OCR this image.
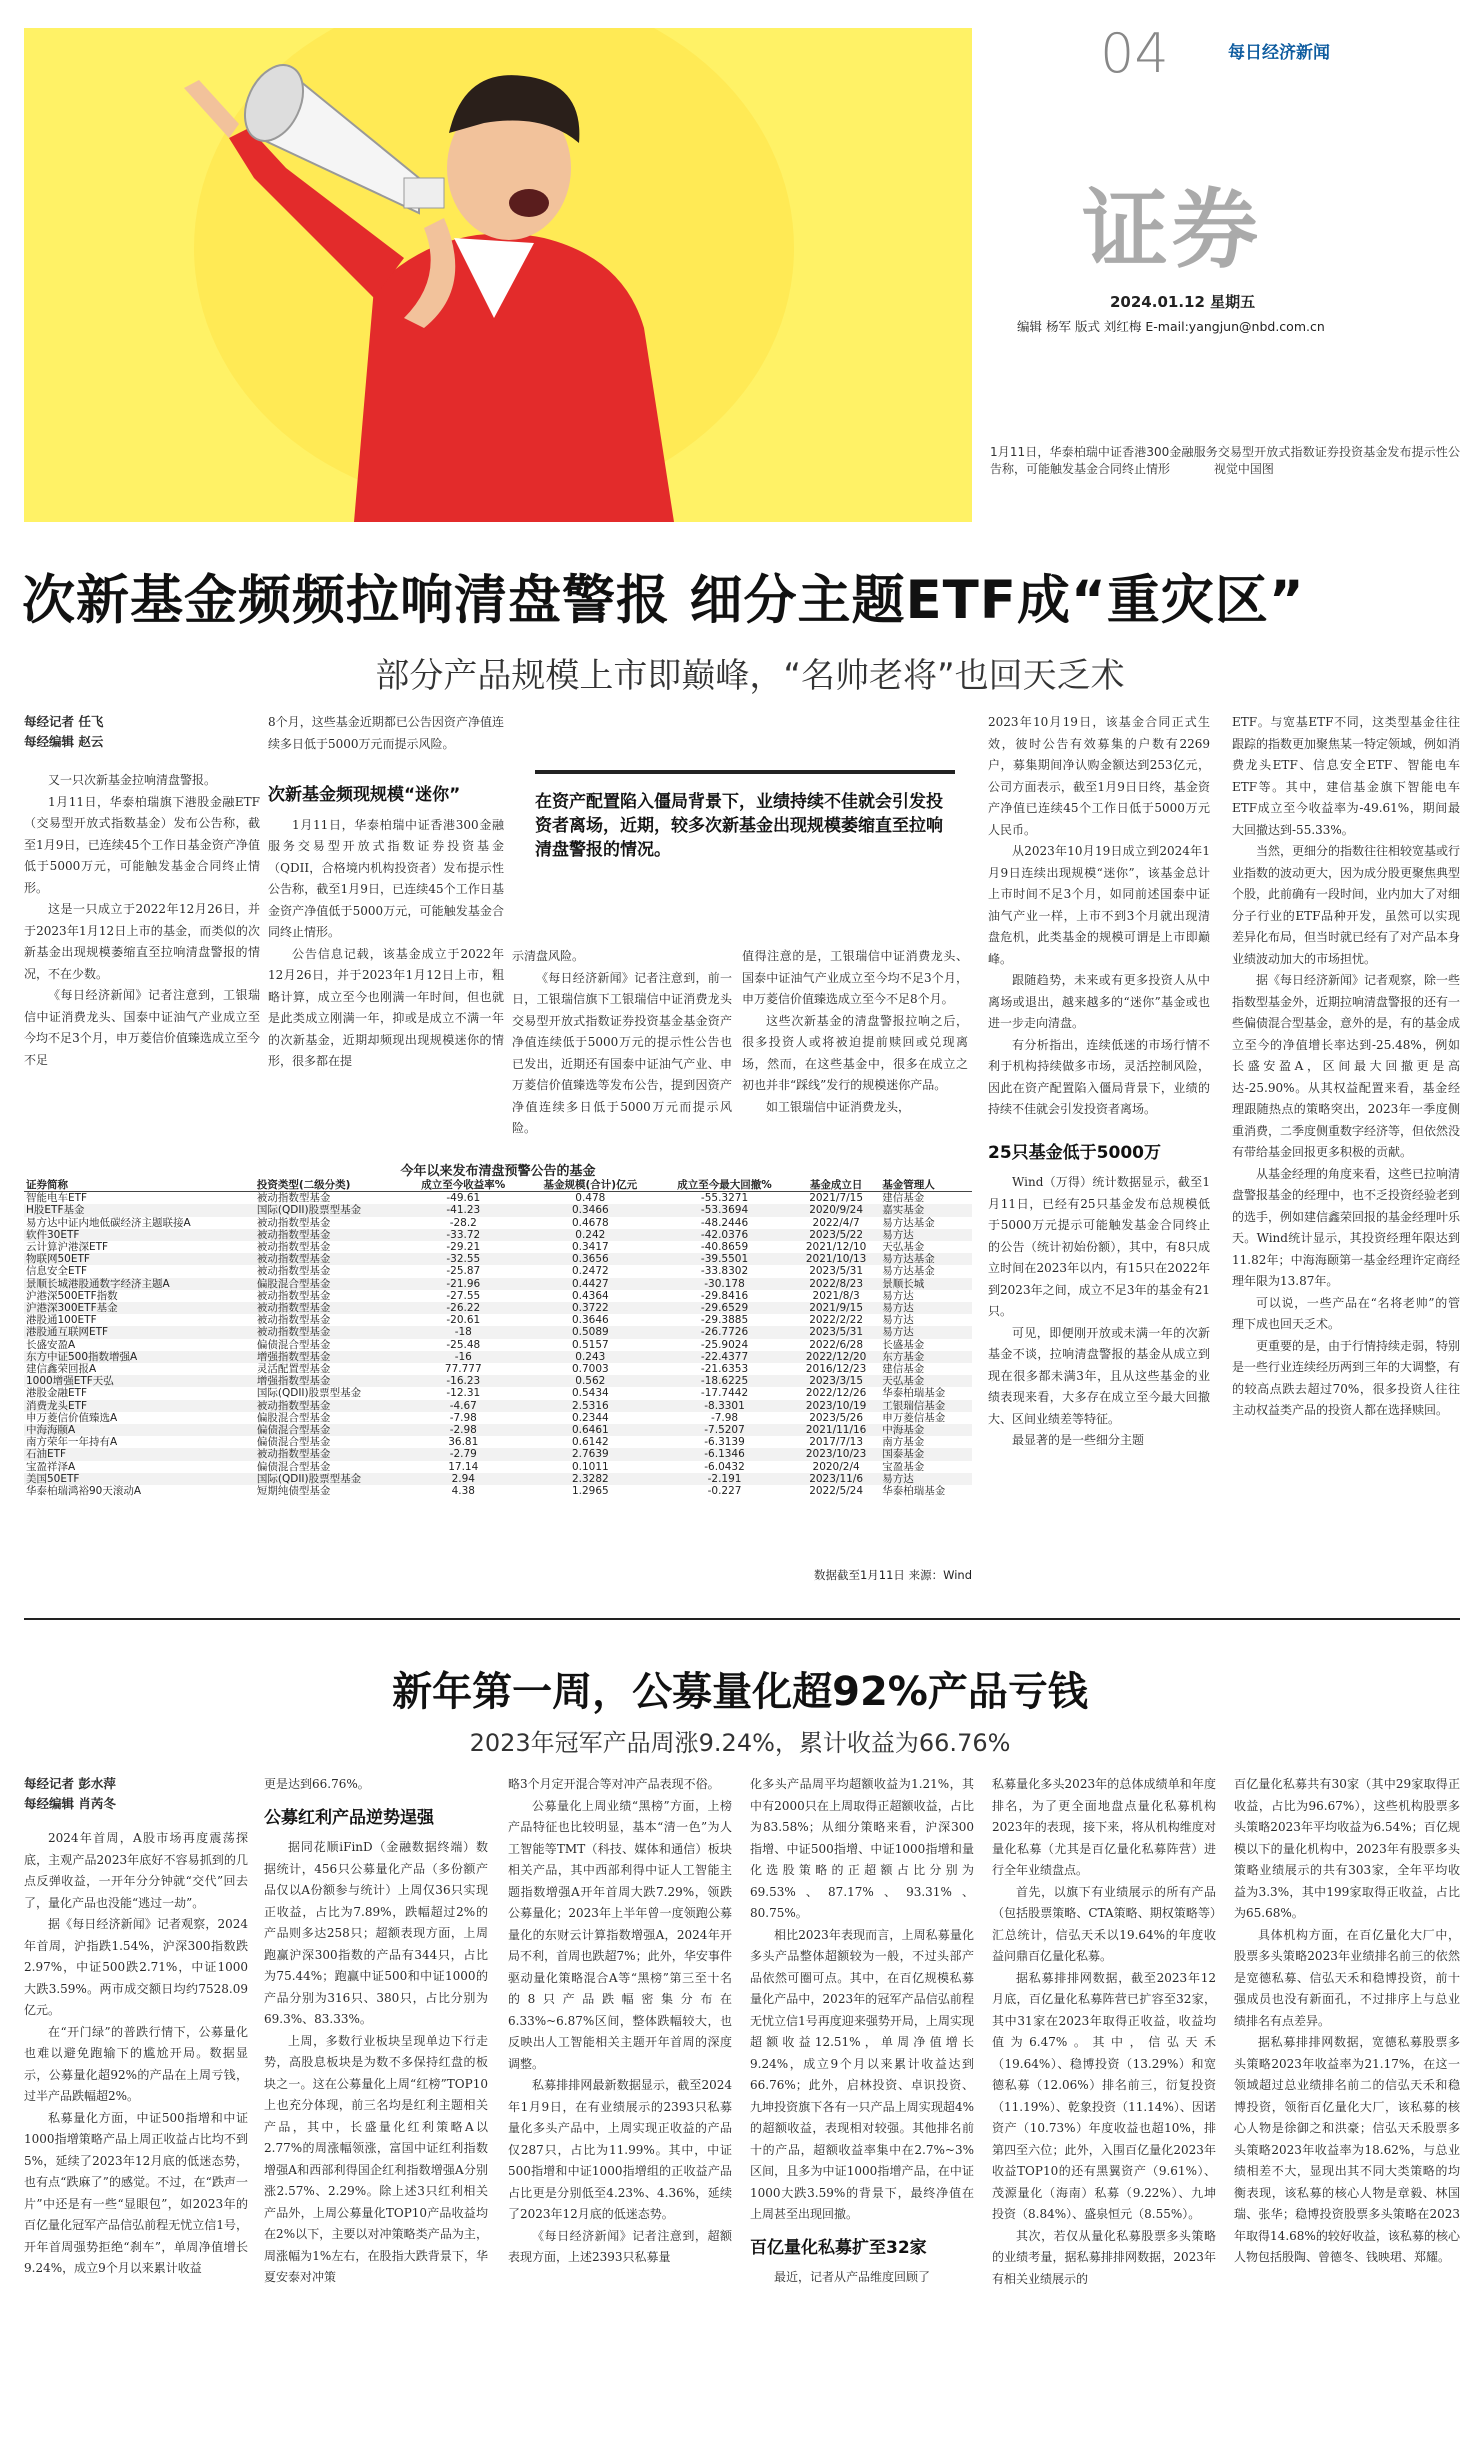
04	每日经济新闻
证券
2024.01.12 星期五
编辑 杨军 版式 刘红梅 E-mail:yangjun@nbd.com.cn
1月11日，华泰柏瑞中证香港300金融服务交易型开放式指数证券投资基金发布提示性公告称，可能触发基金合同终止情形	视觉中国图
次新基金频频拉响清盘警报 细分主题ETF成“重灾区”
部分产品规模上市即巅峰，“名帅老将”也回天乏术
每经记者 任飞
每经编辑 赵云

又一只次新基金拉响清盘警报。

1月11日，华泰柏瑞旗下港股金融ETF（交易型开放式指数基金）发布公告称，截至1月9日，已连续45个工作日基金资产净值低于5000万元，可能触发基金合同终止情形。

这是一只成立于2022年12月26日，并于2023年1月12日上市的基金，而类似的次新基金出现规模萎缩直至拉响清盘警报的情况，不在少数。

《每日经济新闻》记者注意到，工银瑞信中证消费龙头、国泰中证油气产业成立至今均不足3个月，申万菱信价值臻选成立至今不足

8个月，这些基金近期都已公告因资产净值连续多日低于5000万元而提示风险。

次新基金频现规模“迷你”

1月11日，华泰柏瑞中证香港300金融服务交易型开放式指数证券投资基金（QDII，合格境内机构投资者）发布提示性公告称，截至1月9日，已连续45个工作日基金资产净值低于5000万元，可能触发基金合同终止情形。

公告信息记载，该基金成立于2022年12月26日，并于2023年1月12日上市，粗略计算，成立至今也刚满一年时间，但也就是此类成立刚满一年，抑或是成立不满一年的次新基金，近期却频现出现规模迷你的情形，很多都在提

在资产配置陷入僵局背景下，业绩持续不佳就会引发投资者离场，近期，较多次新基金出现规模萎缩直至拉响清盘警报的情况。

示清盘风险。

《每日经济新闻》记者注意到，前一日，工银瑞信旗下工银瑞信中证消费龙头交易型开放式指数证券投资基金基金资产净值连续低于5000万元的提示性公告也已发出，近期还有国泰中证油气产业、申万菱信价值臻选等发布公告，提到因资产净值连续多日低于5000万元而提示风险。

值得注意的是，工银瑞信中证消费龙头、国泰中证油气产业成立至今均不足3个月，申万菱信价值臻选成立至今不足8个月。

这些次新基金的清盘警报拉响之后，很多投资人或将被迫提前赎回或兑现离场，然而，在这些基金中，很多在成立之初也并非“踩线”发行的规模迷你产品。

如工银瑞信中证消费龙头，

2023年10月19日，该基金合同正式生效，彼时公告有效募集的户数有2269户，募集期间净认购金额达到253亿元，公司方面表示，截至1月9日日终，基金资产净值已连续45个工作日低于5000万元人民币。

从2023年10月19日成立到2024年1月9日连续出现规模“迷你”，该基金总计上市时间不足3个月，如同前述国泰中证油气产业一样，上市不到3个月就出现清盘危机，此类基金的规模可谓是上市即巅峰。

跟随趋势，未来或有更多投资人从中离场或退出，越来越多的“迷你”基金或也进一步走向清盘。

有分析指出，连续低迷的市场行情不利于机构持续做多市场，灵活控制风险，因此在资产配置陷入僵局背景下，业绩的持续不佳就会引发投资者离场。

25只基金低于5000万

Wind（万得）统计数据显示，截至1月11日，已经有25只基金发布总规模低于5000万元提示可能触发基金合同终止的公告（统计初始份额），其中，有8只成立时间在2023年以内，有15只在2022年到2023年之间，成立不足3年的基金有21只。

可见，即便刚开放或未满一年的次新基金不谈，拉响清盘警报的基金从成立到现在很多都未满3年，且从这些基金的业绩表现来看，大多存在成立至今最大回撤大、区间业绩差等特征。

最显著的是一些细分主题

ETF。与宽基ETF不同，这类型基金往往跟踪的指数更加聚焦某一特定领域，例如消费龙头ETF、信息安全ETF、智能电车ETF等。其中，建信基金旗下智能电车ETF成立至今收益率为-49.61%，期间最大回撤达到-55.33%。

当然，更细分的指数往往相较宽基或行业指数的波动更大，因为成分股更聚焦典型个股，此前确有一段时间，业内加大了对细分子行业的ETF品种开发，虽然可以实现差异化布局，但当时就已经有了对产品本身业绩波动加大的市场担忧。

据《每日经济新闻》记者观察，除一些指数型基金外，近期拉响清盘警报的还有一些偏债混合型基金，意外的是，有的基金成立至今的净值增长率达到-25.48%，例如长盛安盈A，区间最大回撤更是高达-25.90%。从其权益配置来看，基金经理跟随热点的策略突出，2023年一季度侧重消费，二季度侧重数字经济等，但依然没有带给基金回报更多积极的贡献。

从基金经理的角度来看，这些已拉响清盘警报基金的经理中，也不乏投资经验老到的选手，例如建信鑫荣回报的基金经理叶乐天。Wind统计显示，其投资经理年限达到11.82年；中海海颐第一基金经理许定商经理年限为13.87年。

可以说，一些产品在“名将老帅”的管理下成也回天乏术。

更重要的是，由于行情持续走弱，特别是一些行业连续经历两到三年的大调整，有的较高点跌去超过70%，很多投资人往往主动权益类产品的投资人都在选择赎回。

今年以来发布清盘预警公告的基金
证券简称	投资类型(二级分类)	成立至今收益率%	基金规模(合计)亿元	成立至今最大回撤%	基金成立日	基金管理人
智能电车ETF	被动指数型基金	-49.61	0.478	-55.3271	2021/7/15	建信基金
H股ETF基金	国际(QDII)股票型基金	-41.23	0.3466	-53.3694	2020/9/24	嘉实基金
易方达中证内地低碳经济主题联接A	被动指数型基金	-28.2	0.4678	-48.2446	2022/4/7	易方达基金
软件30ETF	被动指数型基金	-33.72	0.242	-42.0376	2023/5/22	易方达
云计算沪港深ETF	被动指数型基金	-29.21	0.3417	-40.8659	2021/12/10	天弘基金
物联网50ETF	被动指数型基金	-32.55	0.3656	-39.5501	2021/10/13	易方达基金
信息安全ETF	被动指数型基金	-25.87	0.2472	-33.8302	2023/5/31	易方达基金
景顺长城港股通数字经济主题A	偏股混合型基金	-21.96	0.4427	-30.178	2022/8/23	景顺长城
沪港深500ETF指数	被动指数型基金	-27.55	0.4364	-29.8416	2021/8/3	易方达
沪港深300ETF基金	被动指数型基金	-26.22	0.3722	-29.6529	2021/9/15	易方达
港股通100ETF	被动指数型基金	-20.61	0.3646	-29.3885	2022/2/22	易方达
港股通互联网ETF	被动指数型基金	-18	0.5089	-26.7726	2023/5/31	易方达
长盛安盈A	偏债混合型基金	-25.48	0.5157	-25.9024	2022/6/28	长盛基金
东方中证500指数增强A	增强指数型基金	-16	0.243	-22.4377	2022/12/20	东方基金
建信鑫荣回报A	灵活配置型基金	77.777	0.7003	-21.6353	2016/12/23	建信基金
1000增强ETF天弘	增强指数型基金	-16.23	0.562	-18.6225	2023/3/15	天弘基金
港股金融ETF	国际(QDII)股票型基金	-12.31	0.5434	-17.7442	2022/12/26	华泰柏瑞基金
消费龙头ETF	被动指数型基金	-4.67	2.5316	-8.3301	2023/10/19	工银瑞信基金
申万菱信价值臻选A	偏股混合型基金	-7.98	0.2344	-7.98	2023/5/26	申万菱信基金
中海海颐A	偏债混合型基金	-2.98	0.6461	-7.5207	2021/11/16	中海基金
南方荣年一年持有A	偏债混合型基金	36.81	0.6142	-6.3139	2017/7/13	南方基金
石油ETF	被动指数型基金	-2.79	2.7639	-6.1346	2023/10/23	国泰基金
宝盈祥泽A	偏债混合型基金	17.14	0.1011	-6.0432	2020/2/4	宝盈基金
美国50ETF	国际(QDII)股票型基金	2.94	2.3282	-2.191	2023/11/6	易方达
华泰柏瑞鸿裕90天滚动A	短期纯债型基金	4.38	1.2965	-0.227	2022/5/24	华泰柏瑞基金
数据截至1月11日 来源：Wind
新年第一周，公募量化超92%产品亏钱
2023年冠军产品周涨9.24%，累计收益为66.76%
每经记者 彭水萍
每经编辑 肖芮冬

2024年首周，A股市场再度震荡探底，主观产品2023年底好不容易抓到的几点反弹收益，一开年分分钟就“交代”回去了，量化产品也没能“逃过一劫”。

据《每日经济新闻》记者观察，2024年首周，沪指跌1.54%，沪深300指数跌2.97%，中证500跌2.71%，中证1000大跌3.59%。两市成交额日均约7528.09亿元。

在“开门绿”的普跌行情下，公募量化也难以避免跑输下的尴尬开局。数据显示，公募量化超92%的产品在上周亏钱，过半产品跌幅超2%。

私募量化方面，中证500指增和中证1000指增策略产品上周正收益占比均不到5%，延续了2023年12月底的低迷态势，也有点“跌麻了”的感觉。不过，在“跌声一片”中还是有一些“显眼包”，如2023年的百亿量化冠军产品信弘前程无忧立信1号，开年首周强势拒绝“刹车”，单周净值增长9.24%，成立9个月以来累计收益

更是达到66.76%。

公募红利产品逆势逞强

据同花顺iFinD（金融数据终端）数据统计，456只公募量化产品（多份额产品仅以A份额参与统计）上周仅36只实现正收益，占比为7.89%，跌幅超过2%的产品则多达258只；超额表现方面，上周跑赢沪深300指数的产品有344只，占比为75.44%；跑赢中证500和中证1000的产品分别为316只、380只，占比分别为69.3%、83.33%。

上周，多数行业板块呈现单边下行走势，高股息板块是为数不多保持红盘的板块之一。这在公募量化上周“红榜”TOP10上也充分体现，前三名均是红利主题相关产品，其中，长盛量化红利策略A以2.77%的周涨幅领涨，富国中证红利指数增强A和西部利得国企红利指数增强A分别涨2.57%、2.29%。除上述3只红利相关产品外，上周公募量化TOP10产品收益均在2%以下，主要以对冲策略类产品为主，周涨幅为1%左右，在股指大跌背景下，华夏安泰对冲策

略3个月定开混合等对冲产品表现不俗。

公募量化上周业绩“黑榜”方面，上榜产品特征也比较明显，基本“清一色”为人工智能等TMT（科技、媒体和通信）板块相关产品，其中西部利得中证人工智能主题指数增强A开年首周大跌7.29%，领跌公募量化；2023年上半年曾一度领跑公募量化的东财云计算指数增强A，2024年开局不利，首周也跌超7%；此外，华安事件驱动量化策略混合A等“黑榜”第三至十名的8只产品跌幅密集分布在6.33%~6.87%区间，整体跌幅较大，也反映出人工智能相关主题开年首周的深度调整。

私募排排网最新数据显示，截至2024年1月9日，在有业绩展示的2393只私募量化多头产品中，上周实现正收益的产品仅287只，占比为11.99%。其中，中证500指增和中证1000指增组的正收益产品占比更是分别低至4.23%、4.36%，延续了2023年12月底的低迷态势。

《每日经济新闻》记者注意到，超额表现方面，上述2393只私募量

化多头产品周平均超额收益为1.21%，其中有2000只在上周取得正超额收益，占比为83.58%；从细分策略来看，沪深300指增、中证500指增、中证1000指增和量化选股策略的正超额占比分别为69.53%、87.17%、93.31%、80.75%。

相比2023年表现而言，上周私募量化多头产品整体超额较为一般，不过头部产品依然可圈可点。其中，在百亿规模私募量化产品中，2023年的冠军产品信弘前程无忧立信1号再度迎来强势开局，上周实现超额收益12.51%，单周净值增长9.24%，成立9个月以来累计收益达到66.76%；此外，启林投资、卓识投资、九坤投资旗下各有一只产品上周实现超4%的超额收益，表现相对较强。其他排名前十的产品，超额收益率集中在2.7%~3%区间，且多为中证1000指增产品，在中证1000大跌3.59%的背景下，最终净值在上周甚至出现回撤。

百亿量化私募扩至32家

最近，记者从产品维度回顾了

私募量化多头2023年的总体成绩单和年度排名，为了更全面地盘点量化私募机构2023年的表现，接下来，将从机构维度对量化私募（尤其是百亿量化私募阵营）进行全年业绩盘点。

首先，以旗下有业绩展示的所有产品（包括股票策略、CTA策略、期权策略等）汇总统计，信弘天禾以19.64%的年度收益问鼎百亿量化私募。

据私募排排网数据，截至2023年12月底，百亿量化私募阵营已扩容至32家，其中31家在2023年取得正收益，收益均值为6.47%。其中，信弘天禾（19.64%）、稳博投资（13.29%）和宽德私募（12.06%）排名前三，衍复投资（11.19%）、乾象投资（11.14%）、因诺资产（10.73%）年度收益也超10%，排第四至六位；此外，入围百亿量化2023年收益TOP10的还有黑翼资产（9.61%）、茂源量化（海南）私募（9.22%）、九坤投资（8.84%）、盛泉恒元（8.55%）。

其次，若仅从量化私募股票多头策略的业绩考量，据私募排排网数据，2023年有相关业绩展示的

百亿量化私募共有30家（其中29家取得正收益，占比为96.67%），这些机构股票多头策略2023年平均收益为6.54%；百亿规模以下的量化机构中，2023年有股票多头策略业绩展示的共有303家，全年平均收益为3.3%，其中199家取得正收益，占比为65.68%。

具体机构方面，在百亿量化大厂中，股票多头策略2023年业绩排名前三的依然是宽德私募、信弘天禾和稳博投资，前十强成员也没有新面孔，不过排序上与总业绩排名有点差异。

据私募排排网数据，宽德私募股票多头策略2023年收益率为21.17%，在这一领域超过总业绩排名前二的信弘天禾和稳博投资，领衔百亿量化大厂，该私募的核心人物是徐御之和洪豪；信弘天禾股票多头策略2023年收益率为18.62%，与总业绩相差不大，显现出其不同大类策略的均衡表现，该私募的核心人物是章毅、林国瑞、张华；稳博投资股票多头策略在2023年取得14.68%的较好收益，该私募的核心人物包括殷陶、曾德冬、钱映珺、郑耀。
